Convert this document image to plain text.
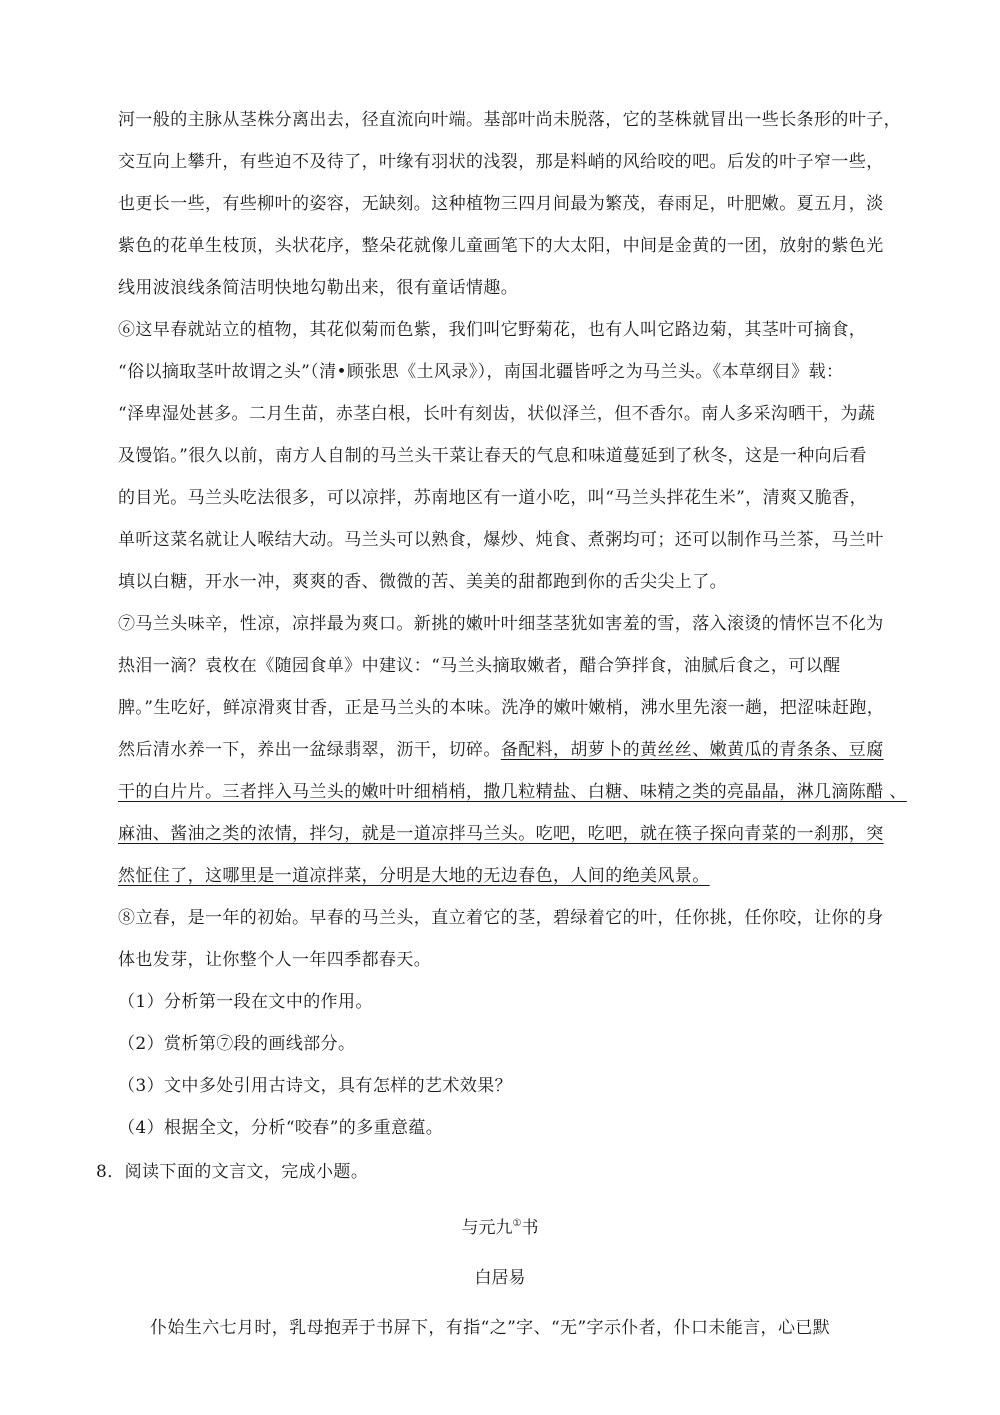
河一般的主脉从茎株分离出去，径直流向叶端。基部叶尚未脱落，它的茎株就冒出一些长条形的叶子，
交互向上攀升，有些迫不及待了，叶缘有羽状的浅裂，那是料峭的风给咬的吧。后发的叶子窄一些，
也更长一些，有些柳叶的姿容，无缺刻。这种植物三四月间最为繁茂，春雨足，叶肥嫩。夏五月，淡
紫色的花单生枝顶，头状花序，整朵花就像儿童画笔下的大太阳，中间是金黄的一团，放射的紫色光
线用波浪线条简洁明快地勾勒出来，很有童话情趣。
⑥这早春就站立的植物，其花似菊而色紫，我们叫它野菊花，也有人叫它路边菊，其茎叶可摘食，
“俗以摘取茎叶故谓之头”（清•顾张思《土风录》），南国北疆皆呼之为马兰头。《本草纲目》载：
“泽卑湿处甚多。二月生苗，赤茎白根，长叶有刻齿，状似泽兰，但不香尔。南人多采沟晒干，为蔬
及馒馅。”很久以前，南方人自制的马兰头干菜让春天的气息和味道蔓延到了秋冬，这是一种向后看
的目光。马兰头吃法很多，可以凉拌，苏南地区有一道小吃，叫“马兰头拌花生米”，清爽又脆香，
单听这菜名就让人喉结大动。马兰头可以熟食，爆炒、炖食、煮粥均可；还可以制作马兰茶，马兰叶
填以白糖，开水一冲，爽爽的香、微微的苦、美美的甜都跑到你的舌尖尖上了。
⑦马兰头味辛，性凉，凉拌最为爽口。新挑的嫩叶叶细茎茎犹如害羞的雪，落入滚烫的情怀岂不化为
热泪一滴？袁枚在《随园食单》中建议：“马兰头摘取嫩者，醋合笋拌食，油腻后食之，可以醒
脾。”生吃好，鲜凉滑爽甘香，正是马兰头的本味。洗净的嫩叶嫩梢，沸水里先滚一趟，把涩味赶跑，
然后清水养一下，养出一盆绿翡翠，沥干，切碎。备配料，胡萝卜的黄丝丝、嫩黄瓜的青条条、豆腐
干的白片片。三者拌入马兰头的嫩叶叶细梢梢，撒几粒精盐、白糖、味精之类的亮晶晶，淋几滴陈醋 、
麻油、酱油之类的浓情，拌匀，就是一道凉拌马兰头。吃吧，吃吧，就在筷子探向青菜的一刹那，突
然怔住了，这哪里是一道凉拌菜，分明是大地的无边春色，人间的绝美风景。
⑧立春，是一年的初始。早春的马兰头，直立着它的茎，碧绿着它的叶，任你挑，任你咬，让你的身
体也发芽，让你整个人一年四季都春天。
（1）分析第一段在文中的作用。
（2）赏析第⑦段的画线部分。
（3）文中多处引用古诗文，具有怎样的艺术效果？
（4）根据全文，分析“咬春”的多重意蕴。
8．阅读下面的文言文，完成小题。
与元九①书
白居易
仆始生六七月时，乳母抱弄于书屏下，有指“之”字、“无”字示仆者，仆口未能言，心已默
